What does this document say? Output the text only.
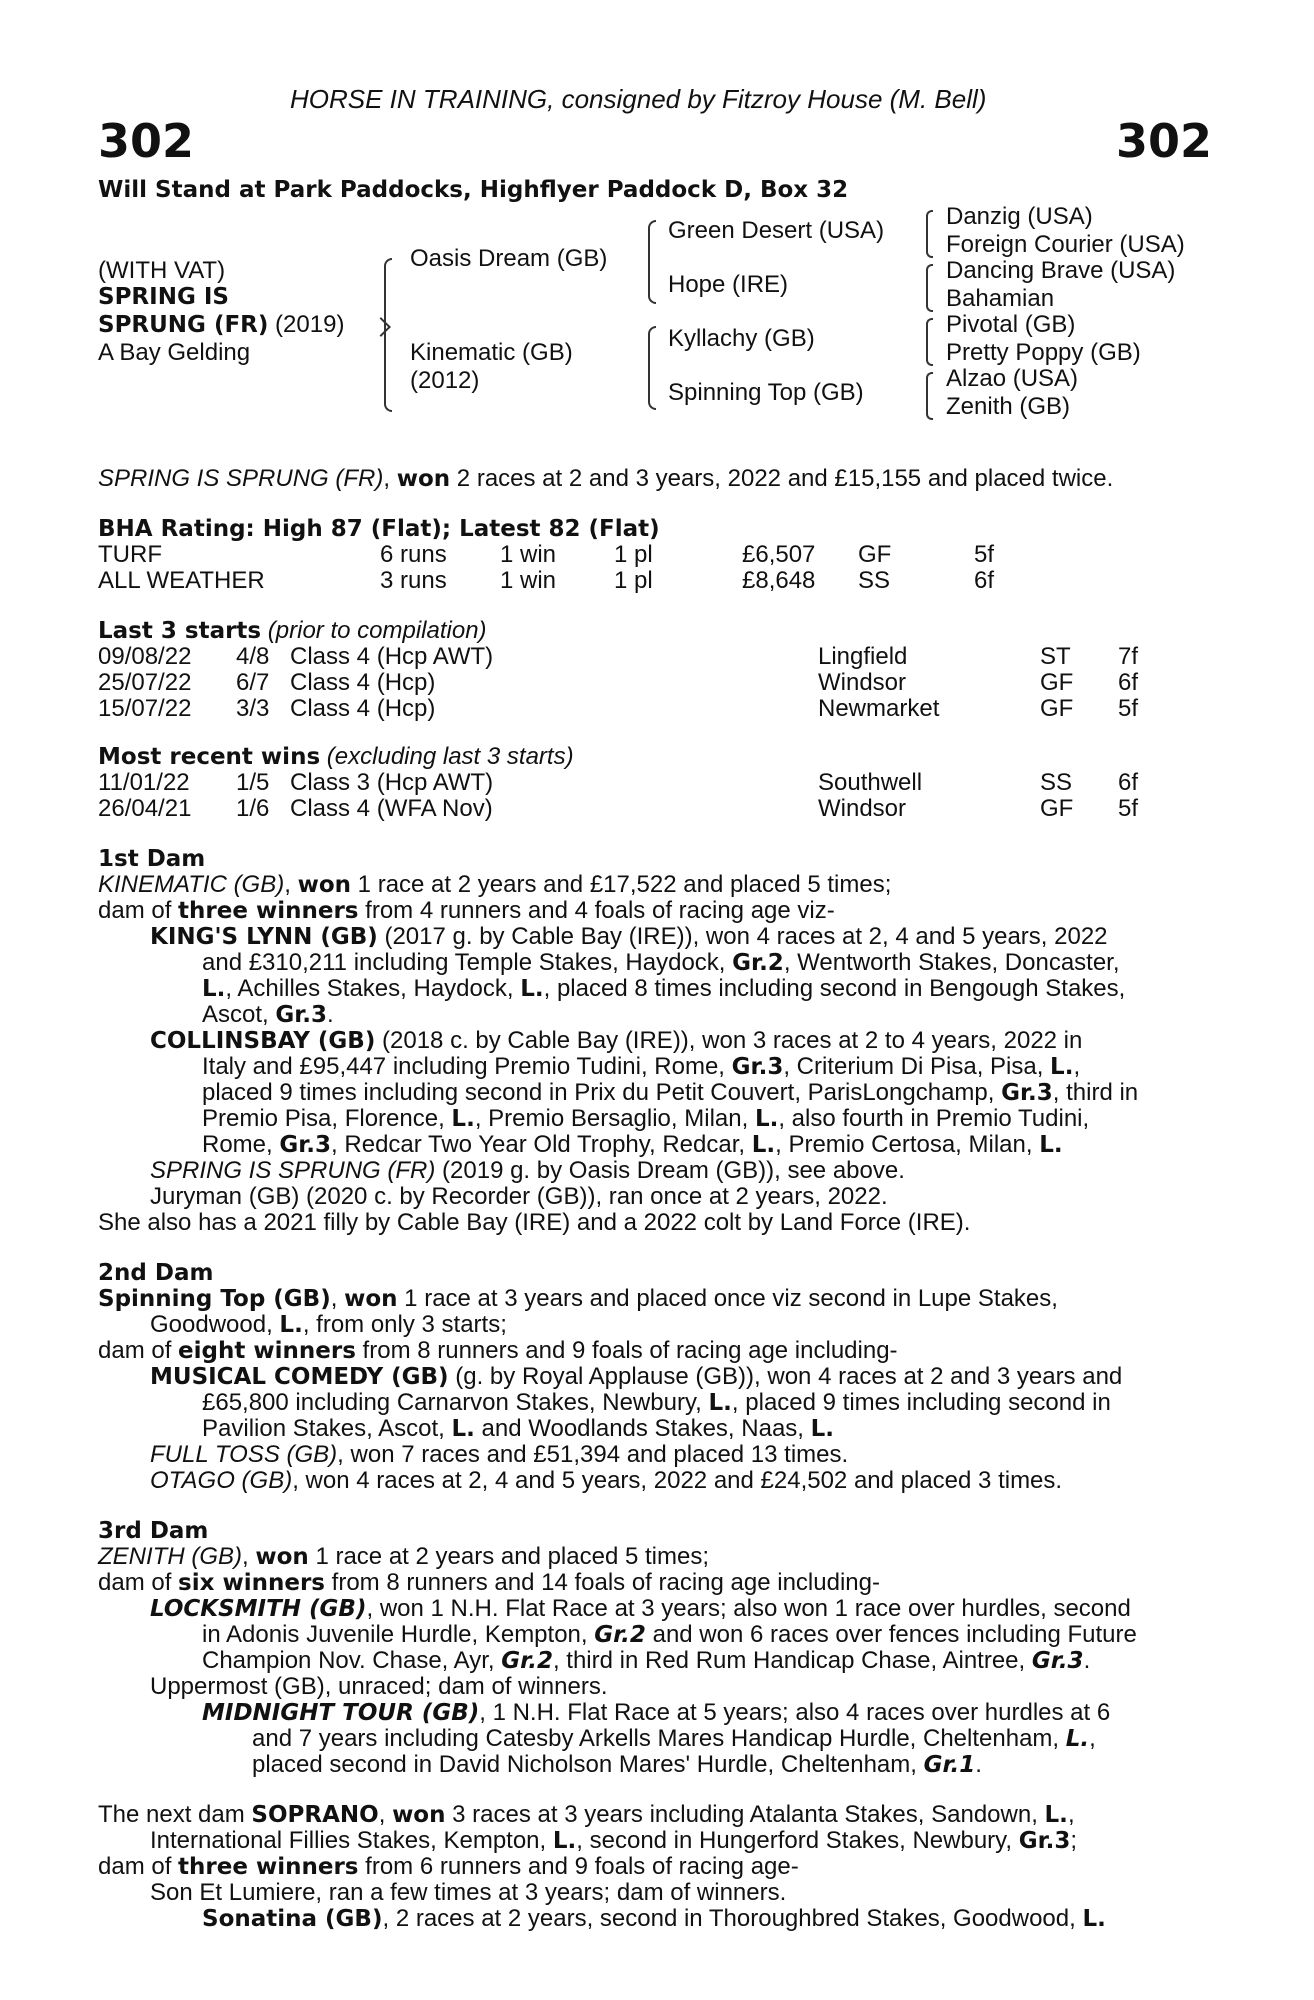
HORSE IN TRAINING, consigned by Fitzroy House (M. Bell)
302	302
Will Stand at Park Paddocks, Highflyer Paddock D, Box 32
(WITH VAT)
SPRING IS
SPRUNG (FR) (2019)
A Bay Gelding
Oasis Dream (GB)
Kinematic (GB)
(2012)
Green Desert (USA)
Hope (IRE)
Kyllachy (GB)
Spinning Top (GB)
Danzig (USA)
Foreign Courier (USA)
Dancing Brave (USA)
Bahamian
Pivotal (GB)
Pretty Poppy (GB)
Alzao (USA)
Zenith (GB)
SPRING IS SPRUNG (FR), won 2 races at 2 and 3 years, 2022 and £15,155 and placed twice.
BHA Rating: High 87 (Flat); Latest 82 (Flat)
TURF	6 runs 1 win 1 pl	£6,507 GF	5f
ALL WEATHER	3 runs 1 win 1 pl	£8,648 SS	6f
Last 3 starts (prior to compilation)
09/08/22 4/8 Class 4 (Hcp AWT)	Lingfield	ST 7f
25/07/22 6/7 Class 4 (Hcp)	Windsor	GF 6f
15/07/22 3/3 Class 4 (Hcp)	Newmarket	GF 5f
Most recent wins (excluding last 3 starts)
11/01/22 1/5 Class 3 (Hcp AWT)	Southwell	SS 6f
26/04/21 1/6 Class 4 (WFA Nov)	Windsor	GF 5f
1st Dam
KINEMATIC (GB), won 1 race at 2 years and £17,522 and placed 5 times;
dam of three winners from 4 runners and 4 foals of racing age viz-
KING'S LYNN (GB) (2017 g. by Cable Bay (IRE)), won 4 races at 2, 4 and 5 years, 2022
and £310,211 including Temple Stakes, Haydock, Gr.2, Wentworth Stakes, Doncaster,
L., Achilles Stakes, Haydock, L., placed 8 times including second in Bengough Stakes,
Ascot, Gr.3.
COLLINSBAY (GB) (2018 c. by Cable Bay (IRE)), won 3 races at 2 to 4 years, 2022 in
Italy and £95,447 including Premio Tudini, Rome, Gr.3, Criterium Di Pisa, Pisa, L.,
placed 9 times including second in Prix du Petit Couvert, ParisLongchamp, Gr.3, third in
Premio Pisa, Florence, L., Premio Bersaglio, Milan, L., also fourth in Premio Tudini,
Rome, Gr.3, Redcar Two Year Old Trophy, Redcar, L., Premio Certosa, Milan, L.
SPRING IS SPRUNG (FR) (2019 g. by Oasis Dream (GB)), see above.
Juryman (GB) (2020 c. by Recorder (GB)), ran once at 2 years, 2022.
She also has a 2021 filly by Cable Bay (IRE) and a 2022 colt by Land Force (IRE).
2nd Dam
Spinning Top (GB), won 1 race at 3 years and placed once viz second in Lupe Stakes,
Goodwood, L., from only 3 starts;
dam of eight winners from 8 runners and 9 foals of racing age including-
MUSICAL COMEDY (GB) (g. by Royal Applause (GB)), won 4 races at 2 and 3 years and
£65,800 including Carnarvon Stakes, Newbury, L., placed 9 times including second in
Pavilion Stakes, Ascot, L. and Woodlands Stakes, Naas, L.
FULL TOSS (GB), won 7 races and £51,394 and placed 13 times.
OTAGO (GB), won 4 races at 2, 4 and 5 years, 2022 and £24,502 and placed 3 times.
3rd Dam
ZENITH (GB), won 1 race at 2 years and placed 5 times;
dam of six winners from 8 runners and 14 foals of racing age including-
LOCKSMITH (GB), won 1 N.H. Flat Race at 3 years; also won 1 race over hurdles, second
in Adonis Juvenile Hurdle, Kempton, Gr.2 and won 6 races over fences including Future
Champion Nov. Chase, Ayr, Gr.2, third in Red Rum Handicap Chase, Aintree, Gr.3.
Uppermost (GB), unraced; dam of winners.
MIDNIGHT TOUR (GB), 1 N.H. Flat Race at 5 years; also 4 races over hurdles at 6
and 7 years including Catesby Arkells Mares Handicap Hurdle, Cheltenham, L.,
placed second in David Nicholson Mares' Hurdle, Cheltenham, Gr.1.
The next dam SOPRANO, won 3 races at 3 years including Atalanta Stakes, Sandown, L.,
International Fillies Stakes, Kempton, L., second in Hungerford Stakes, Newbury, Gr.3;
dam of three winners from 6 runners and 9 foals of racing age-
Son Et Lumiere, ran a few times at 3 years; dam of winners.
Sonatina (GB), 2 races at 2 years, second in Thoroughbred Stakes, Goodwood, L.
